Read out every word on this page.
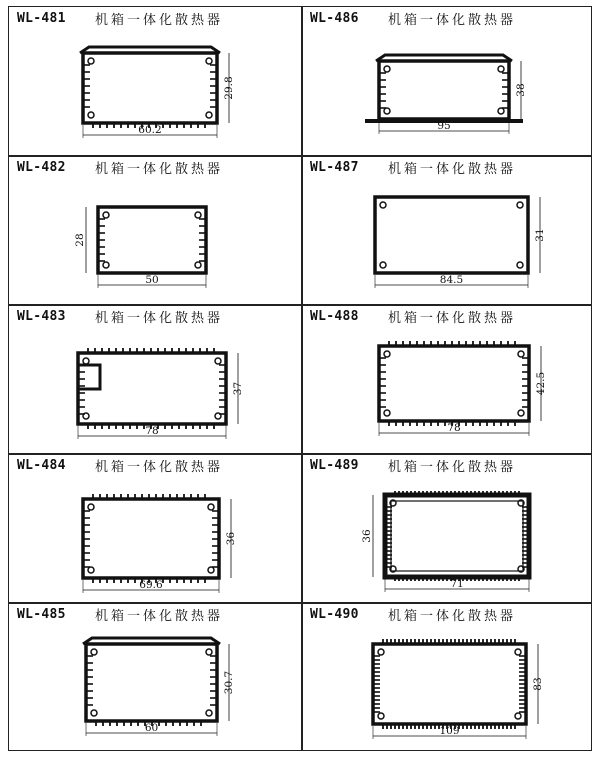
WL-481 机箱一体化散热器
60.2
29.8
WL-486 机箱一体化散热器
95
38
WL-482 机箱一体化散热器
50
28
WL-487 机箱一体化散热器
84.5
31
WL-483 机箱一体化散热器
78
37
WL-488 机箱一体化散热器
78
42.5
WL-484 机箱一体化散热器
69.6
36
WL-489 机箱一体化散热器
71
36
WL-485 机箱一体化散热器
60
30.7
WL-490 机箱一体化散热器
109
83
